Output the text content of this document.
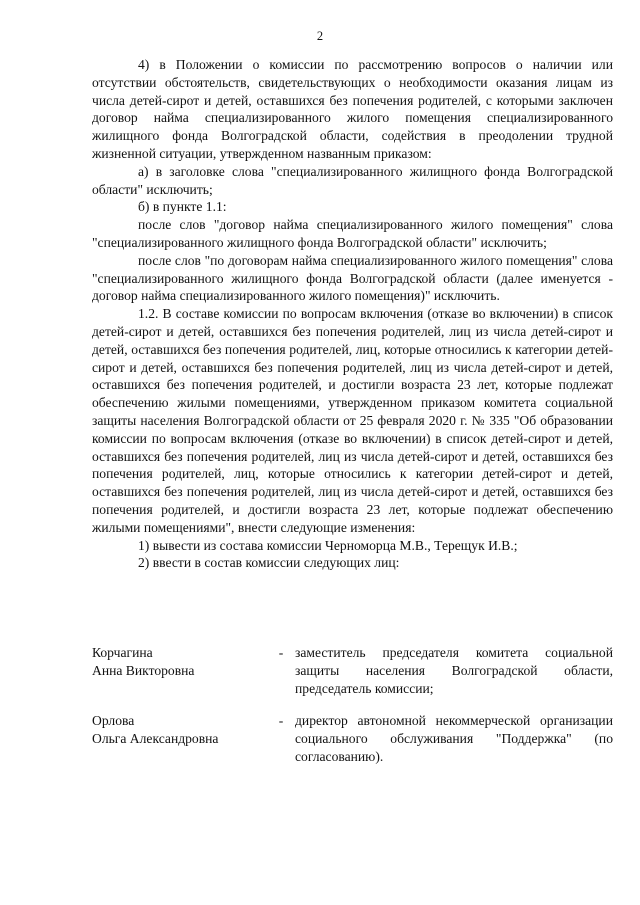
2

4) в Положении о комиссии по рассмотрению вопросов о наличии или отсутствии обстоятельств, свидетельствующих о необходимости оказания лицам из числа детей-сирот и детей, оставшихся без попечения родителей, с которыми заключен договор найма специализированного жилого помещения специализированного жилищного фонда Волгоградской области, содействия в преодолении трудной жизненной ситуации, утвержденном названным приказом:

а) в заголовке слова "специализированного жилищного фонда Волгоградской области" исключить;

б) в пункте 1.1:

после слов "договор найма специализированного жилого помещения" слова "специализированного жилищного фонда Волгоградской области" исключить;

после слов "по договорам найма специализированного жилого помещения" слова "специализированного жилищного фонда Волгоградской области (далее именуется - договор найма специализированного жилого помещения)" исключить.

1.2. В составе комиссии по вопросам включения (отказе во включении) в список детей-сирот и детей, оставшихся без попечения родителей, лиц из числа детей-сирот и детей, оставшихся без попечения родителей, лиц, которые относились к категории детей-сирот и детей, оставшихся без попечения родителей, лиц из числа детей-сирот и детей, оставшихся без попечения родителей, и достигли возраста 23 лет, которые подлежат обеспечению жилыми помещениями, утвержденном приказом комитета социальной защиты населения Волгоградской области от 25 февраля 2020 г. № 335 "Об образовании комиссии по вопросам включения (отказе во включении) в список детей-сирот и детей, оставшихся без попечения родителей, лиц из числа детей-сирот и детей, оставшихся без попечения родителей, лиц, которые относились к категории детей-сирот и детей, оставшихся без попечения родителей, лиц из числа детей-сирот и детей, оставшихся без попечения родителей, и достигли возраста 23 лет, которые подлежат обеспечению жилыми помещениями", внести следующие изменения:

1) вывести из состава комиссии Черноморца М.В., Терещук И.В.;

2) ввести в состав комиссии следующих лиц:

Корчагина
Анна Викторовна
- заместитель председателя комитета социальной защиты населения Волгоградской области, председатель комиссии;
Орлова
Ольга Александровна
- директор автономной некоммерческой организации социального обслуживания "Поддержка" (по согласованию).
